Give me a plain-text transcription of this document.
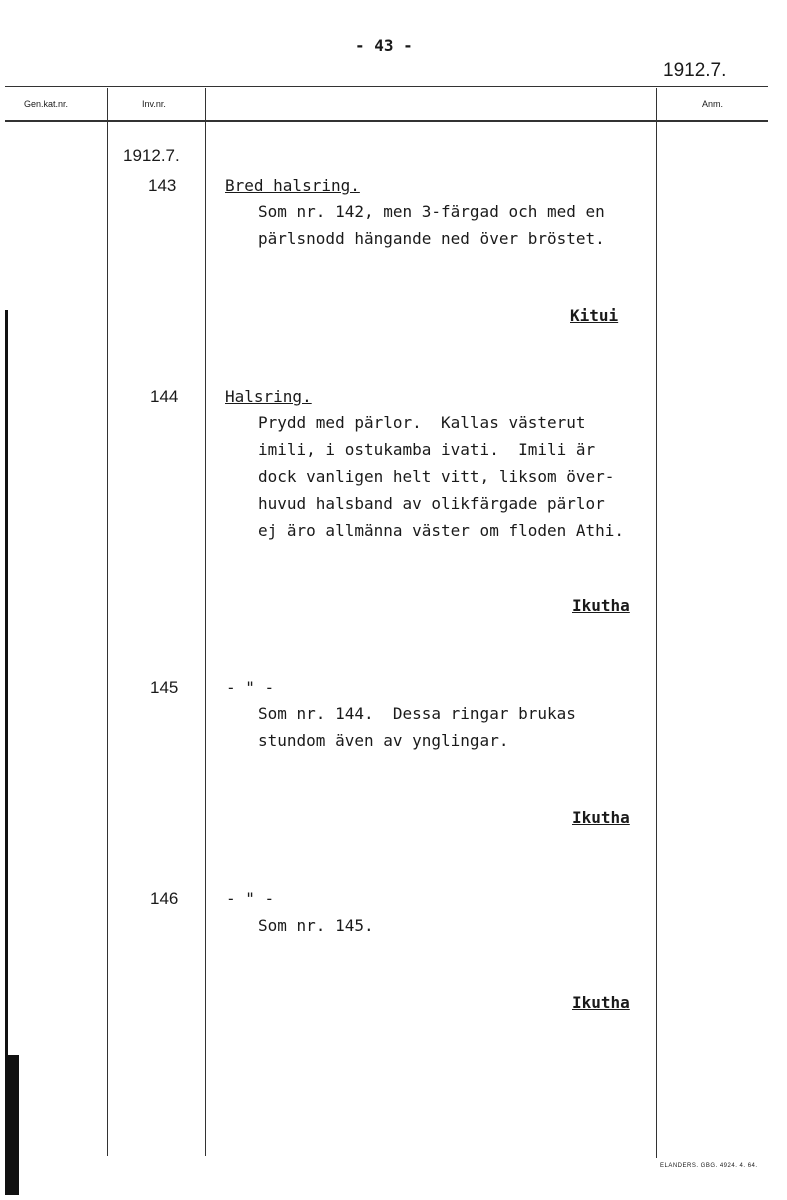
- 43 -
1912.7.
Gen.kat.nr.	Inv.nr.	Anm.
1912.7.
143	Bred halsring.
Som nr. 142, men 3-färgad och med en
pärlsnodd hängande ned över bröstet.
Kitui
144	Halsring.
Prydd med pärlor.  Kallas västerut
imili, i ostukamba ivati.  Imili är
dock vanligen helt vitt, liksom över-
huvud halsband av olikfärgade pärlor
ej äro allmänna väster om floden Athi.
Ikutha
145	- " -
Som nr. 144.  Dessa ringar brukas
stundom även av ynglingar.
Ikutha
146	- " -
Som nr. 145.
Ikutha
ELANDERS. GBG. 4924. 4. 64.
